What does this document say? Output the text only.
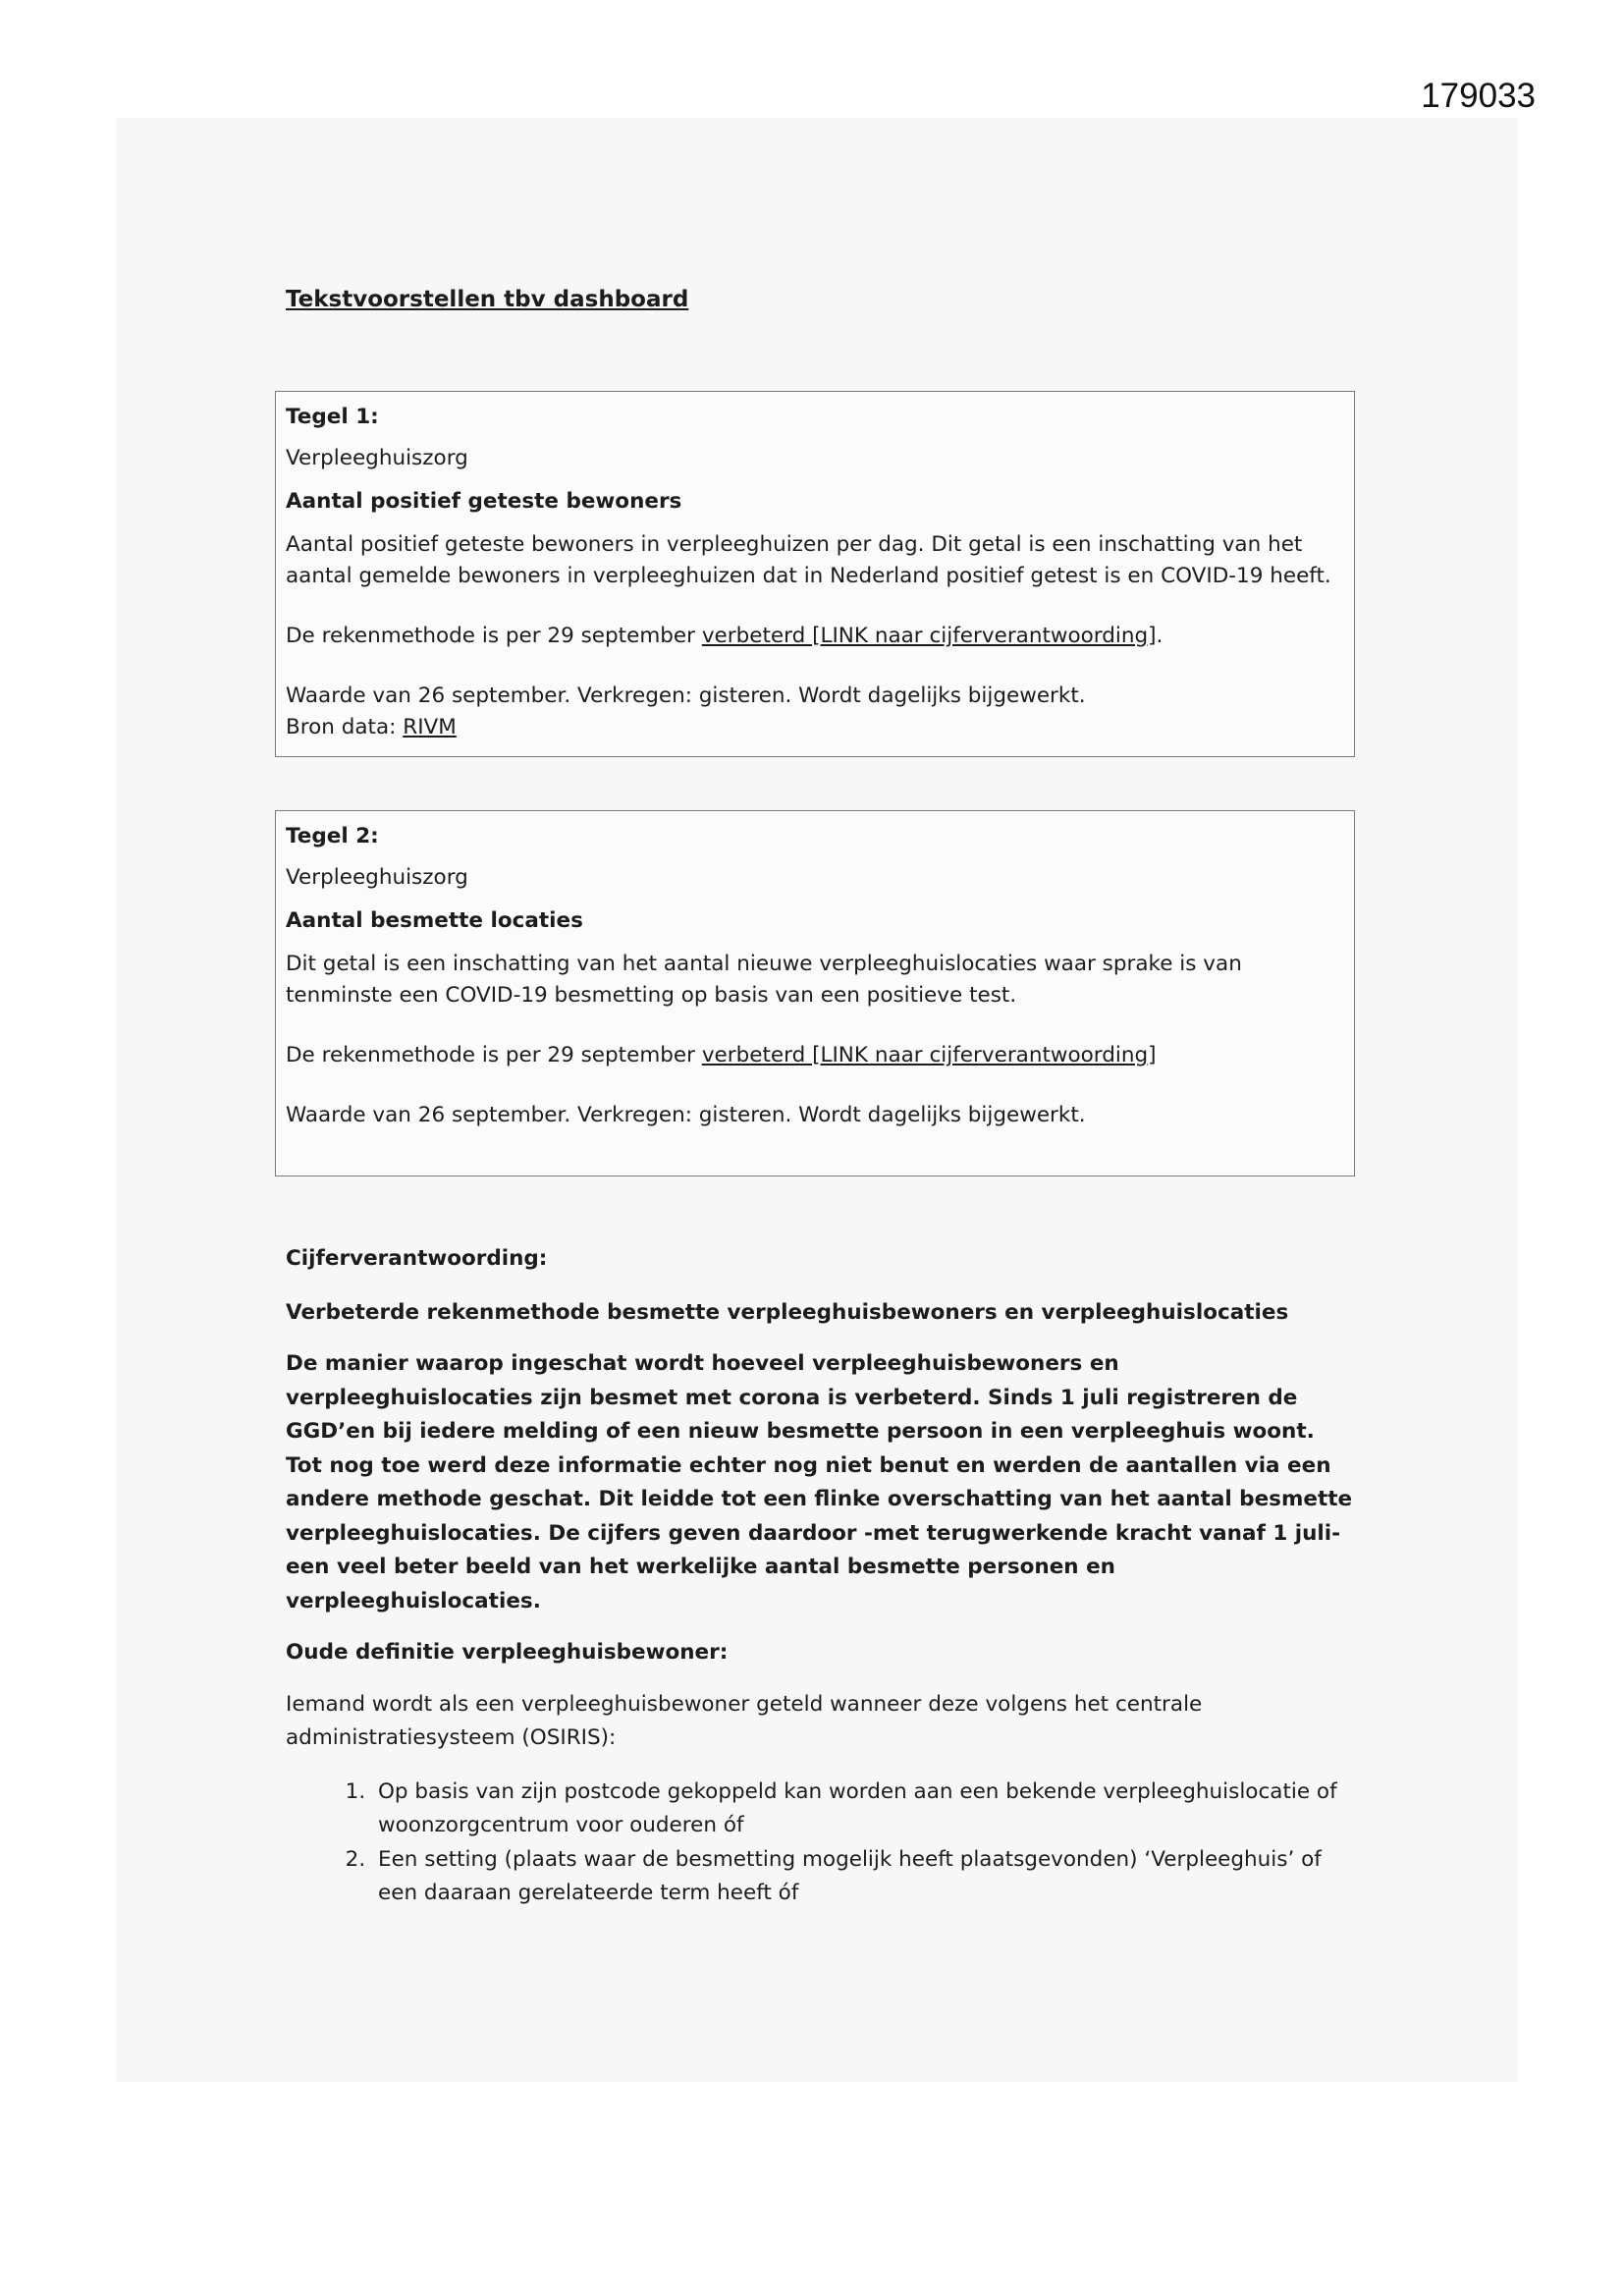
179033
Tekstvoorstellen tbv dashboard

Tegel 1:

Verpleeghuiszorg

Aantal positief geteste bewoners

Aantal positief geteste bewoners in verpleeghuizen per dag. Dit getal is een inschatting van het aantal gemelde bewoners in verpleeghuizen dat in Nederland positief getest is en COVID-19 heeft.

De rekenmethode is per 29 september verbeterd [LINK naar cijferverantwoording].

Waarde van 26 september. Verkregen: gisteren. Wordt dagelijks bijgewerkt.

Bron data: RIVM

Tegel 2:

Verpleeghuiszorg

Aantal besmette locaties

Dit getal is een inschatting van het aantal nieuwe verpleeghuislocaties waar sprake is van tenminste een COVID-19 besmetting op basis van een positieve test.

De rekenmethode is per 29 september verbeterd [LINK naar cijferverantwoording]

Waarde van 26 september. Verkregen: gisteren. Wordt dagelijks bijgewerkt.

Cijferverantwoording:

Verbeterde rekenmethode besmette verpleeghuisbewoners en verpleeghuislocaties

De manier waarop ingeschat wordt hoeveel verpleeghuisbewoners en verpleeghuislocaties zijn besmet met corona is verbeterd. Sinds 1 juli registreren de GGD’en bij iedere melding of een nieuw besmette persoon in een verpleeghuis woont. Tot nog toe werd deze informatie echter nog niet benut en werden de aantallen via een andere methode geschat. Dit leidde tot een flinke overschatting van het aantal besmette verpleeghuislocaties. De cijfers geven daardoor -met terugwerkende kracht vanaf 1 juli- een veel beter beeld van het werkelijke aantal besmette personen en verpleeghuislocaties.

Oude definitie verpleeghuisbewoner:

Iemand wordt als een verpleeghuisbewoner geteld wanneer deze volgens het centrale administratiesysteem (OSIRIS):

1. Op basis van zijn postcode gekoppeld kan worden aan een bekende verpleeghuislocatie of woonzorgcentrum voor ouderen óf
2. Een setting (plaats waar de besmetting mogelijk heeft plaatsgevonden) ‘Verpleeghuis’ of een daaraan gerelateerde term heeft óf
